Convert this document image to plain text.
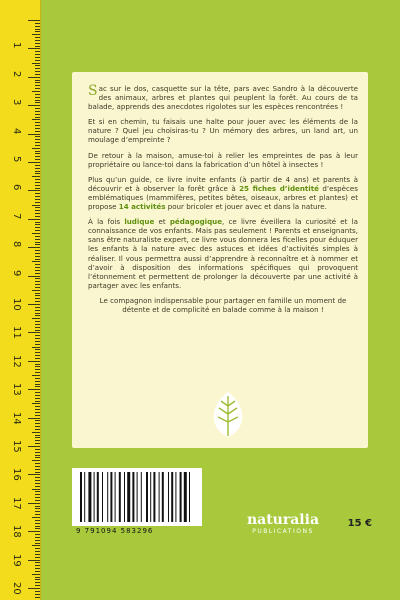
1
2
3
4
5
6
7
8
9
10
11
12
13
14
15
16
17
18
19
20

Sac sur le dos, casquette sur la tête, pars avec Sandro à la découverte des animaux, arbres et plantes qui peuplent la forêt. Au cours de ta balade, apprends des anecdotes rigolotes sur les espèces rencontrées !

Et si en chemin, tu faisais une halte pour jouer avec les éléments de la nature ? Quel jeu choisiras-tu ? Un mémory des arbres, un land art, un moulage d’empreinte ?

De retour à la maison, amuse-toi à relier les empreintes de pas à leur propriétaire ou lance-toi dans la fabrication d’un hôtel à insectes !

Plus qu’un guide, ce livre invite enfants (à partir de 4 ans) et parents à découvrir et à observer la forêt grâce à 25 fiches d’identité d’espèces emblématiques (mammifères, petites bêtes, oiseaux, arbres et plantes) et propose 14 activités pour bricoler et jouer avec et dans la nature.

À la fois ludique et pédagogique, ce livre éveillera la curiosité et la connaissance de vos enfants. Mais pas seulement ! Parents et enseignants, sans être naturaliste expert, ce livre vous donnera les ficelles pour éduquer les enfants à la nature avec des astuces et idées d’activités simples à réaliser. Il vous permettra aussi d’apprendre à reconnaître et à nommer et d’avoir à disposition des informations spécifiques qui provoquent l’étonnement et permettent de prolonger la découverte par une activité à partager avec les enfants.

Le compagnon indispensable pour partager en famille un moment de détente et de complicité en balade comme à la maison !

9 791094 583296
naturalia
PUBLICATIONS
15 €
